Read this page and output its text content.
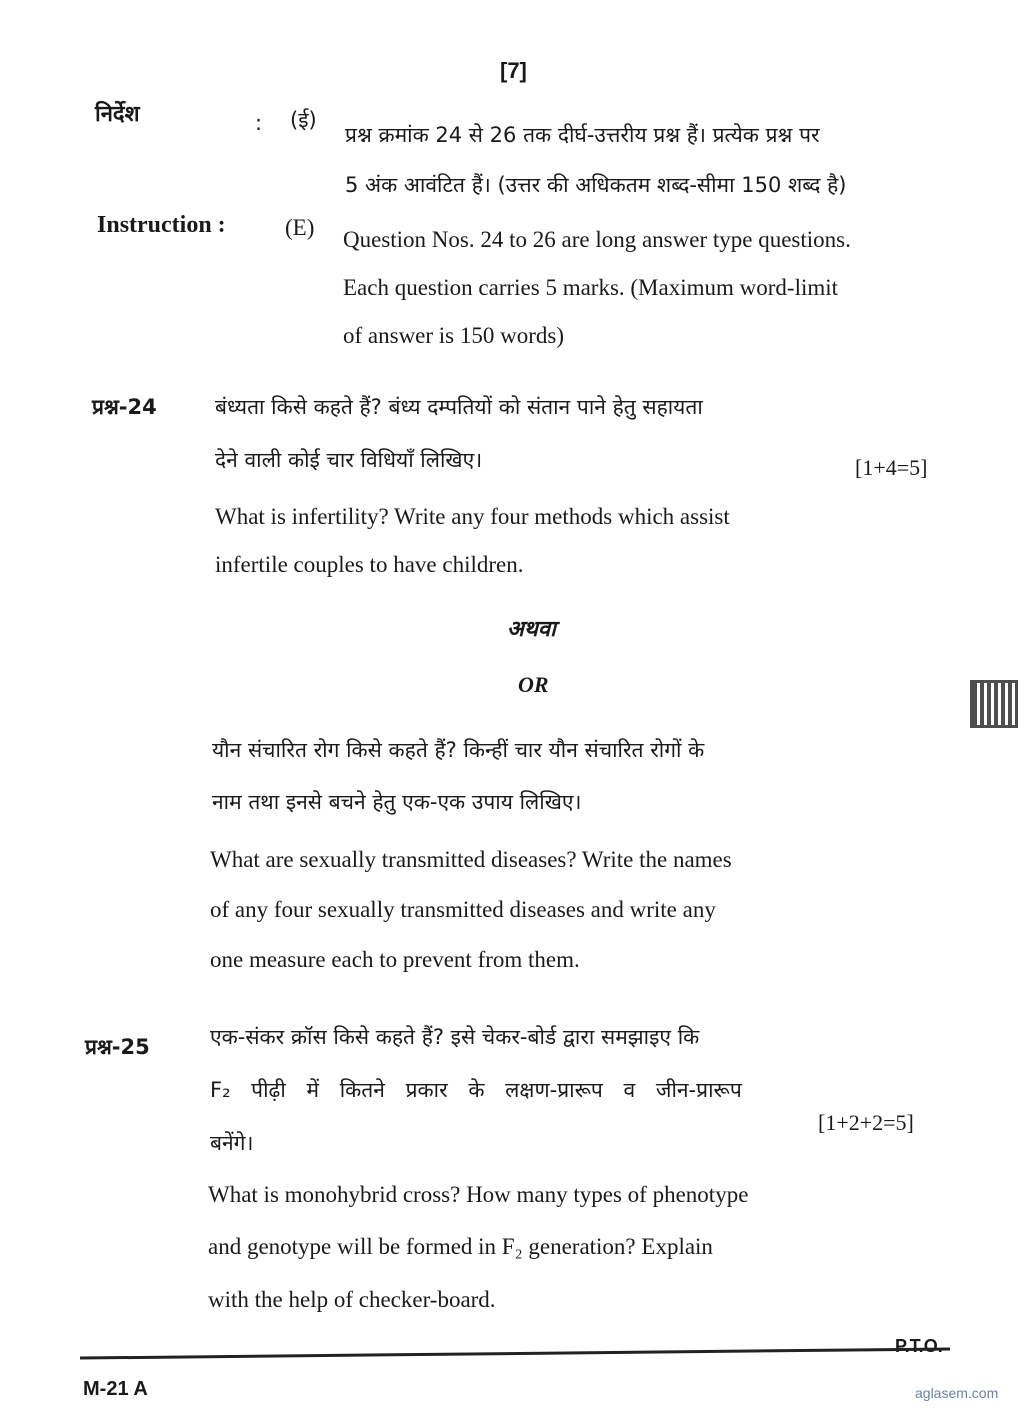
[7]
निर्देश	: (ई)
प्रश्न क्रमांक 24 से 26 तक दीर्घ-उत्तरीय प्रश्न हैं। प्रत्येक प्रश्न पर
5 अंक आवंटित हैं। (उत्तर की अधिकतम शब्द-सीमा 150 शब्द है)
Instruction :	(E) Question Nos. 24 to 26 are long answer type questions.
Each question carries 5 marks. (Maximum word-limit
of answer is 150 words)
प्रश्न-24	बंध्यता किसे कहते हैं? बंध्य दम्पतियों को संतान पाने हेतु सहायता
देने वाली कोई चार विधियाँ लिखिए।	[1+4=5]
What is infertility? Write any four methods which assist
infertile couples to have children.
अथवा
OR
यौन संचारित रोग किसे कहते हैं? किन्हीं चार यौन संचारित रोगों के
नाम तथा इनसे बचने हेतु एक-एक उपाय लिखिए।
What are sexually transmitted diseases? Write the names
of any four sexually transmitted diseases and write any
one measure each to prevent from them.
प्रश्न-25	एक-संकर क्रॉस किसे कहते हैं? इसे चेकर-बोर्ड द्वारा समझाइए कि
F₂ पीढ़ी में कितने प्रकार के लक्षण-प्रारूप व जीन-प्रारूप
बनेंगे।
[1+2+2=5]
What is monohybrid cross? How many types of phenotype
and genotype will be formed in F₂ generation? Explain
with the help of checker-board.
P.T.O.
M-21 A	aglasem.com
